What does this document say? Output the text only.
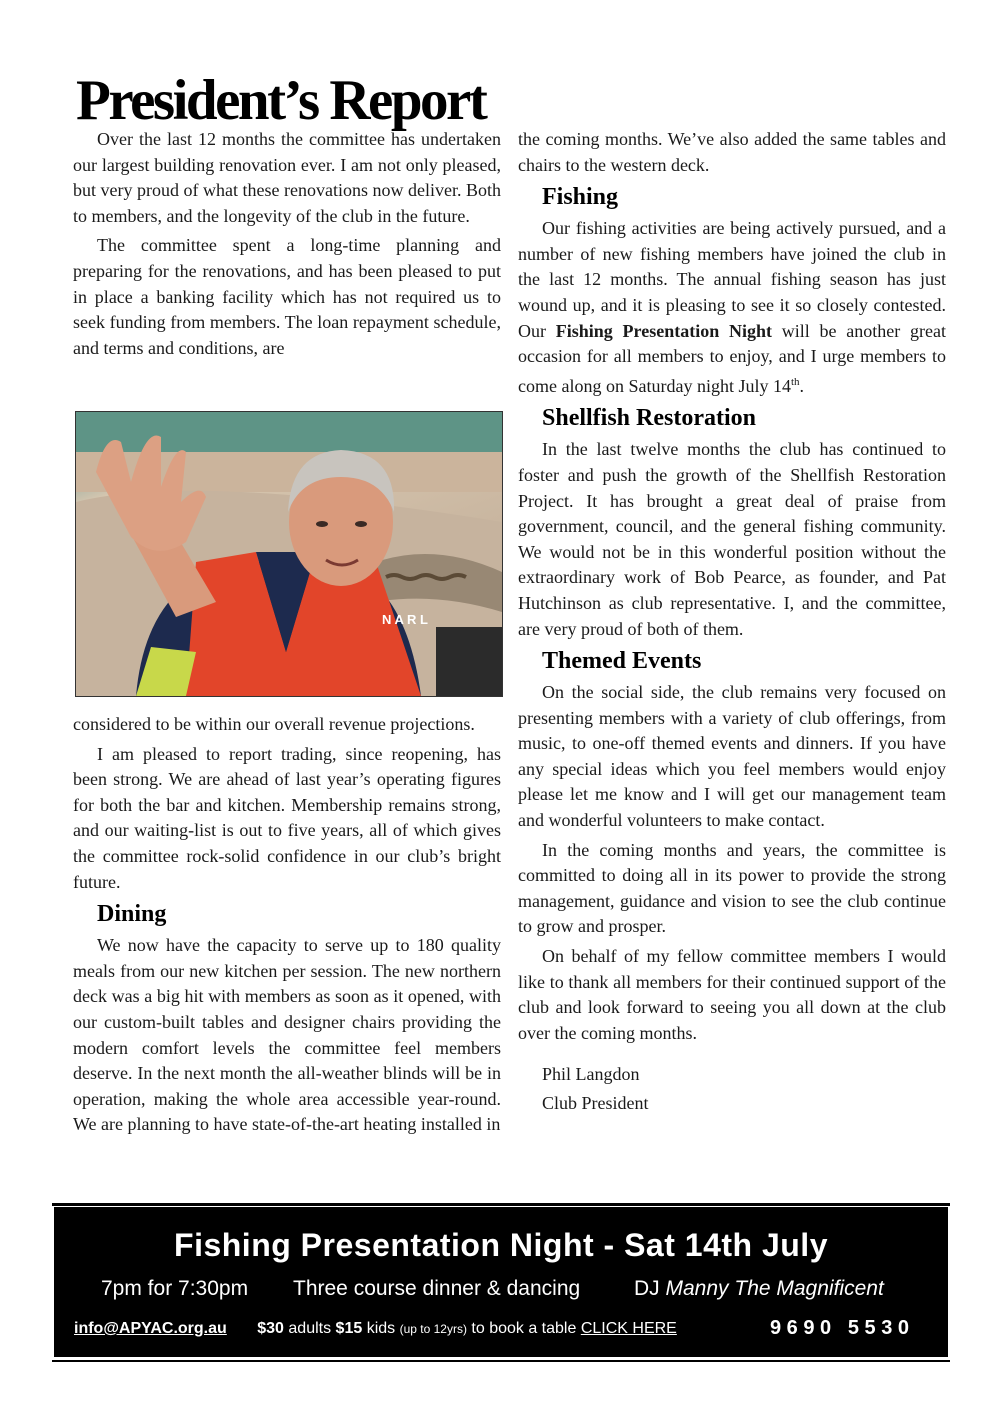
President’s Report

Over the last 12 months the committee has undertaken our largest building renovation ever. I am not only pleased, but very proud of what these renovations now deliver. Both to members, and the longevity of the club in the future.

The committee spent a long-time planning and preparing for the renovations, and has been pleased to put in place a banking facility which has not required us to seek funding from members. The loan repayment schedule, and terms and conditions, are

N A R L

considered to be within our overall revenue projections.

I am pleased to report trading, since reopening, has been strong. We are ahead of last year’s operating figures for both the bar and kitchen. Membership remains strong, and our waiting-list is out to five years, all of which gives the committee rock-solid confidence in our club’s bright future.

Dining

We now have the capacity to serve up to 180 quality meals from our new kitchen per session. The new northern deck was a big hit with members as soon as it opened, with our custom-built tables and designer chairs providing the modern comfort levels the committee feel members deserve. In the next month the all-weather blinds will be in operation, making the whole area accessible year-round. We are planning to have state-of-the-art heating installed in

the coming months. We’ve also added the same tables and chairs to the western deck.

Fishing

Our fishing activities are being actively pursued, and a number of new fishing members have joined the club in the last 12 months. The annual fishing season has just wound up, and it is pleasing to see it so closely contested. Our Fishing Presentation Night will be another great occasion for all members to enjoy, and I urge members to come along on Saturday night July 14th.

Shellfish Restoration

In the last twelve months the club has continued to foster and push the growth of the Shellfish Restoration Project. It has brought a great deal of praise from government, council, and the general fishing community. We would not be in this wonderful position without the extraordinary work of Bob Pearce, as founder, and Pat Hutchinson as club representative. I, and the committee, are very proud of both of them.

Themed Events

On the social side, the club remains very focused on presenting members with a variety of club offerings, from music, to one-off themed events and dinners. If you have any special ideas which you feel members would enjoy please let me know and I will get our management team and wonderful volunteers to make contact.

In the coming months and years, the committee is committed to doing all in its power to provide the strong management, guidance and vision to see the club continue to grow and prosper.

On behalf of my fellow committee members I would like to thank all members for their continued support of the club and look forward to seeing you all down at the club over the coming months.

Phil Langdon
Club President
Fishing Presentation Night - Sat 14th July
7pm for 7:30pm Three course dinner & dancing	DJ Manny The Magnificent
info@APYAC.org.au $30 adults $15 kids (up to 12yrs) to book a table CLICK HERE	9 6 9 0   5 5 3 0
